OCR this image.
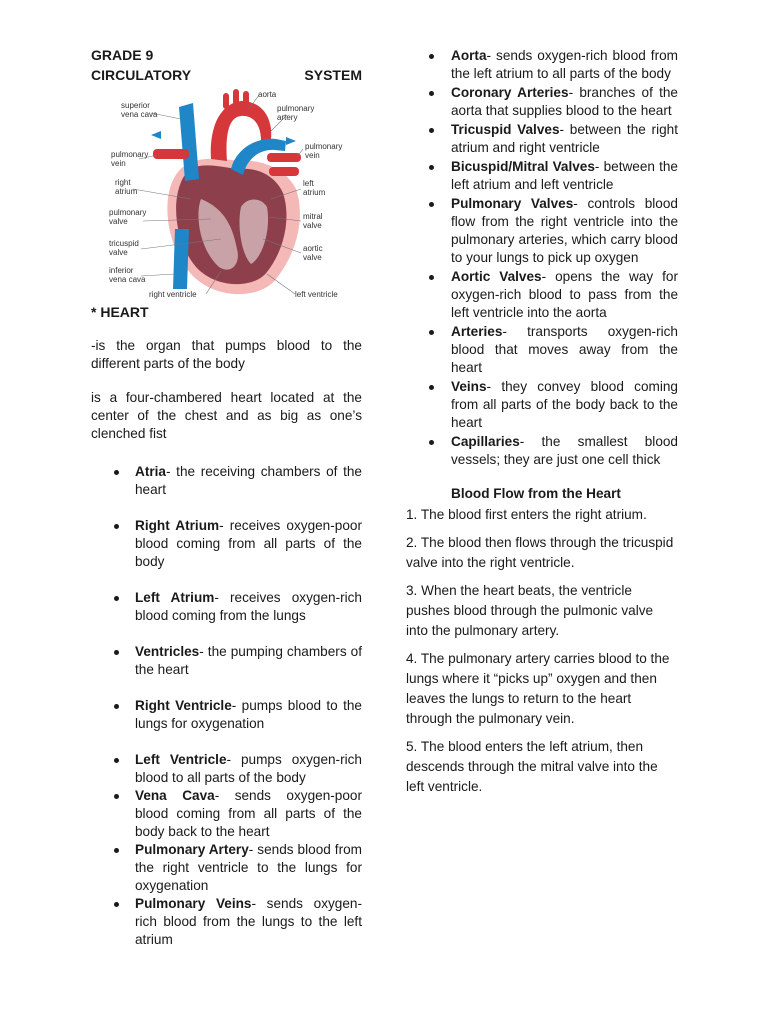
GRADE 9
CIRCULATORY	SYSTEM
superior
vena cava
aorta
pulmonary
artery
pulmonary
vein
pulmonary
vein
right
atrium
left
atrium
pulmonary
valve
mitral
valve
tricuspid
valve	aortic
valve
inferior
vena cava
right ventricle	left ventricle
* HEART
-is the organ that pumps blood to the different parts of the body
is a four-chambered heart located at the center of the chest and as big as one’s clenched fist
Atria- the receiving chambers of the heart
Right Atrium- receives oxygen-poor blood coming from all parts of the body
Left Atrium- receives oxygen-rich blood coming from the lungs
Ventricles- the pumping chambers of the heart
Right Ventricle- pumps blood to the lungs for oxygenation
Left Ventricle- pumps oxygen-rich blood to all parts of the body
Vena Cava- sends oxygen-poor blood coming from all parts of the body back to the heart
Pulmonary Artery- sends blood from the right ventricle to the lungs for oxygenation
Pulmonary Veins- sends oxygen-rich blood from the lungs to the left atrium
Aorta- sends oxygen-rich blood from the left atrium to all parts of the body
Coronary Arteries- branches of the aorta that supplies blood to the heart
Tricuspid Valves- between the right atrium and right ventricle
Bicuspid/Mitral Valves- between the left atrium and left ventricle
Pulmonary Valves- controls blood flow from the right ventricle into the pulmonary arteries, which carry blood to your lungs to pick up oxygen
Aortic Valves- opens the way for oxygen-rich blood to pass from the left ventricle into the aorta
Arteries- transports oxygen-rich blood that moves away from the heart
Veins- they convey blood coming from all parts of the body back to the heart
Capillaries- the smallest blood vessels; they are just one cell thick
Blood Flow from the Heart
1. The blood first enters the right atrium.
2. The blood then flows through the tricuspid valve into the right ventricle.
3. When the heart beats, the ventricle pushes blood through the pulmonic valve into the pulmonary artery.
4. The pulmonary artery carries blood to the lungs where it “picks up” oxygen and then leaves the lungs to return to the heart through the pulmonary vein.
5. The blood enters the left atrium, then descends through the mitral valve into the left ventricle.
